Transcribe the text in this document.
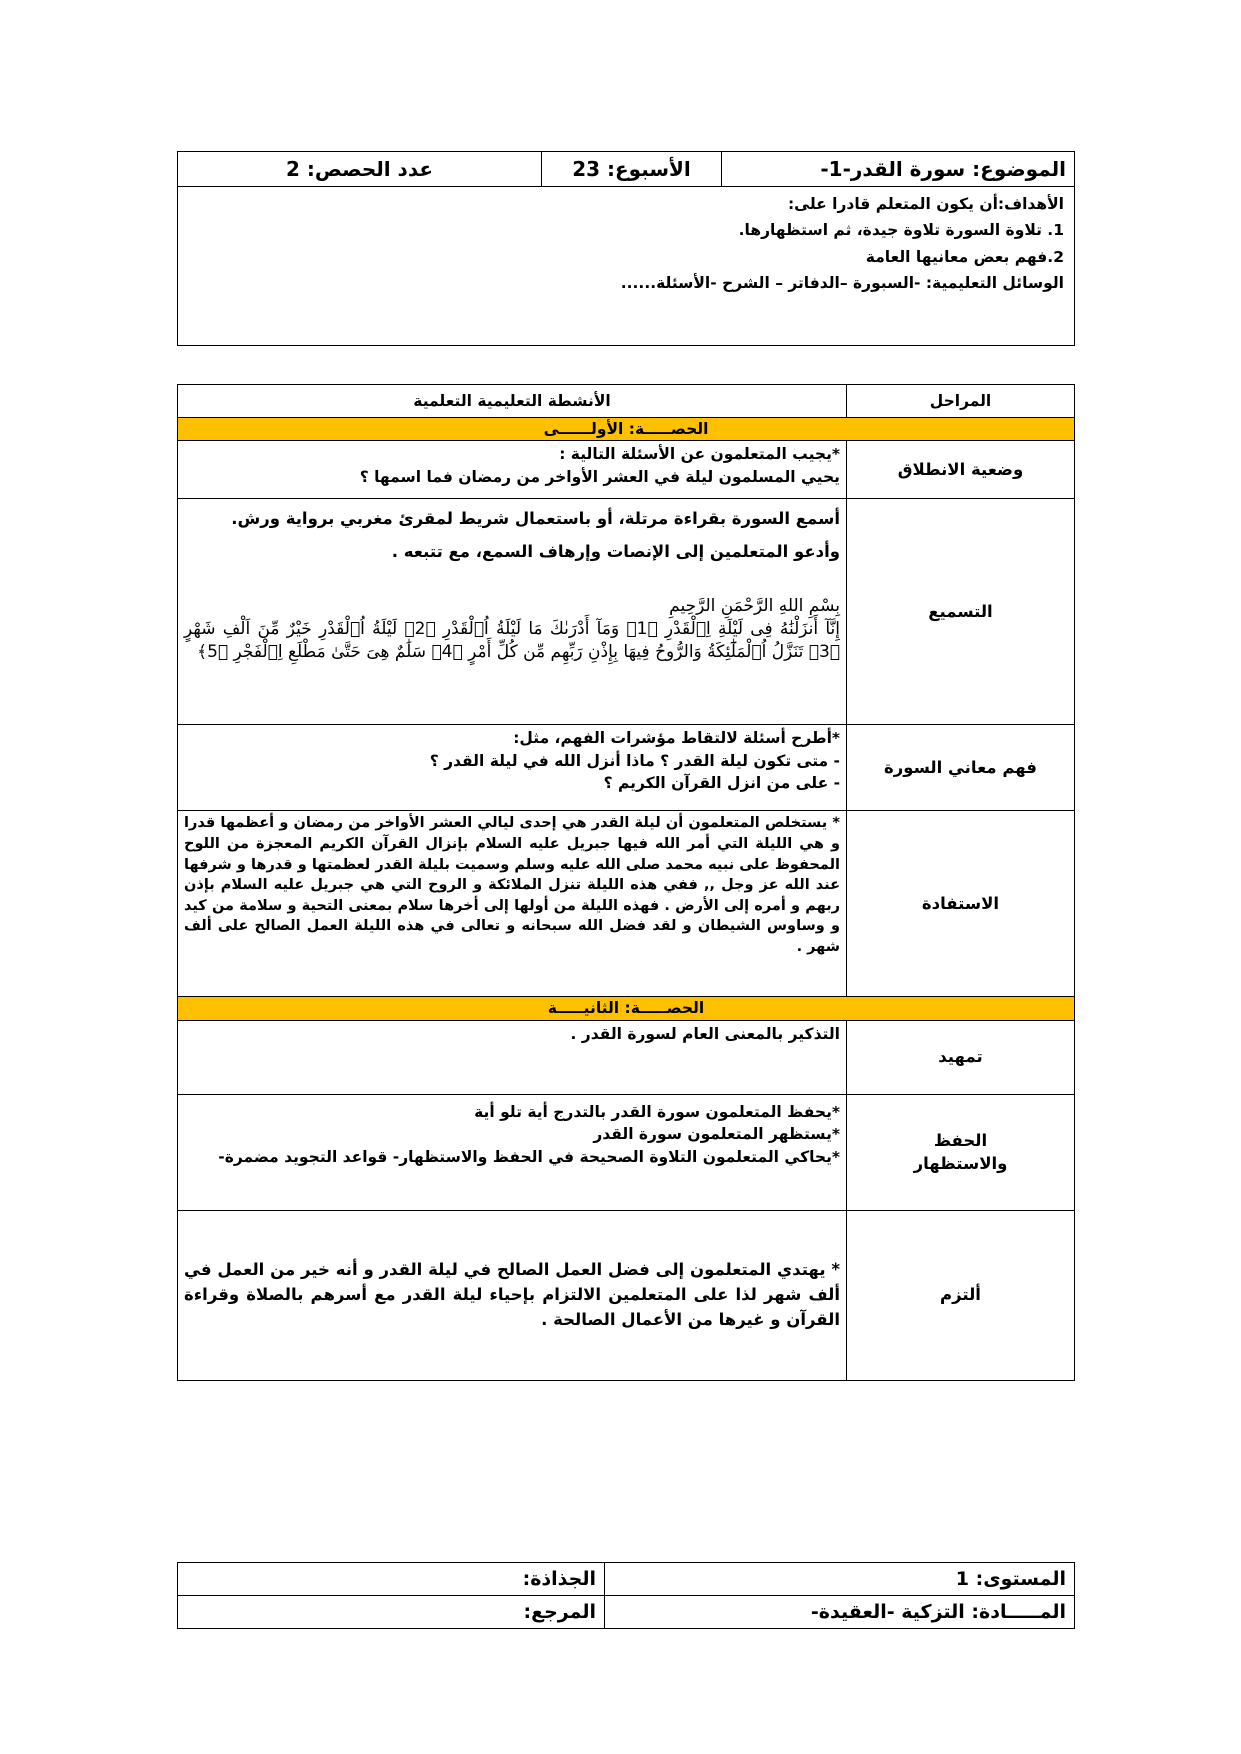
الموضوع: سورة القدر-1-	الأسبوع: 23	عدد الحصص: 2

الأهداف:أن يكون المتعلم قادرا على:
1. تلاوة السورة تلاوة جيدة، ثم استظهارها.
2.فهم بعض معانيها العامة
الوسائل التعليمية: -السبورة –الدفاتر – الشرح -الأسئلة......
المراحل	الأنشطة التعليمية التعلمية
الحصـــــة: الأولــــــى	
وضعية الانطلاق	*يجيب المتعلمون عن الأسئلة التالية :

يحيي المسلمون ليلة في العشر الأواخر من رمضان فما اسمها ؟

التسميع	أسمع السورة بقراءة مرتلة، أو باستعمال شريط لمقرئ مغربي برواية ورش.

وأدعو المتعلمين إلى الإنصات وإرهاف السمع، مع تتبعه .

بِسْمِ اللهِ الرَّحْمَنِ الرَّحِيمِ

إِنَّآ أَنزَلْنَٰهُ فِى لَيْلَةِ اِ۬لْقَدْرِ ﴿1﴾ وَمَآ أَدْرَىٰكَ مَا لَيْلَةُ اُ۬لْقَدْرِ ﴿2﴾ لَيْلَةُ اُ۬لْقَدْرِ خَيْرٌ مِّنَ اَلْفِ شَهْرٍ ﴿3﴾ تَنَزَّلُ اُ۬لْمَلَٰٓئِكَةُ وَالرُّوحُ فِيهَا بِإِذْنِ رَبِّهِم مِّن كُلِّ أَمْرٍ ﴿4﴾ سَلَٰمٌ هِىَ حَتَّىٰ مَطْلَعِ اِ۬لْفَجْرِ ﴿5﴾

فهم معاني السورة	*أطرح أسئلة لالتقاط مؤشرات الفهم، مثل:

- متى تكون ليلة القدر ؟ ماذا أنزل الله في ليلة القدر ؟

- على من انزل القرآن الكريم ؟

الاستفادة	* يستخلص المتعلمون أن ليلة القدر هي إحدى ليالي العشر الأواخر من رمضان و أعظمها قدرا و هي الليلة التي أمر الله فيها جبريل عليه السلام بإنزال القرآن الكريم المعجزة من اللوح المحفوظ على نبيه محمد صلى الله عليه وسلم وسميت بليلة القدر لعظمتها و قدرها و شرفها عند الله عز وجل ,, ففي هذه الليلة تنزل الملائكة و الروح التي هي جبريل عليه السلام بإذن ربهم و أمره إلى الأرض . فهذه الليلة من أولها إلى أخرها سلام بمعنى التحية و سلامة من كيد و وساوس الشيطان و لقد فضل الله سبحانه و تعالى في هذه الليلة العمل الصالح على ألف شهر .

الحصـــــة: الثانيـــــة	
تمهيد	التذكير بالمعنى العام لسورة القدر .

الحفظ والاستظهار	*يحفظ المتعلمون سورة القدر بالتدرج أية تلو أية

*يستظهر المتعلمون سورة القدر

*يحاكي المتعلمون التلاوة الصحيحة في الحفظ والاستظهار- قواعد التجويد مضمرة-

ألتزم	* يهتدي المتعلمون إلى فضل العمل الصالح في ليلة القدر و أنه خير من العمل في ألف شهر لذا على المتعلمين الالتزام بإحياء ليلة القدر مع أسرهم بالصلاة وقراءة القرآن و غيرها من الأعمال الصالحة .

المستوى: 1	الجذاذة:
المـــــادة: التزكية -العقيدة-	المرجع:
